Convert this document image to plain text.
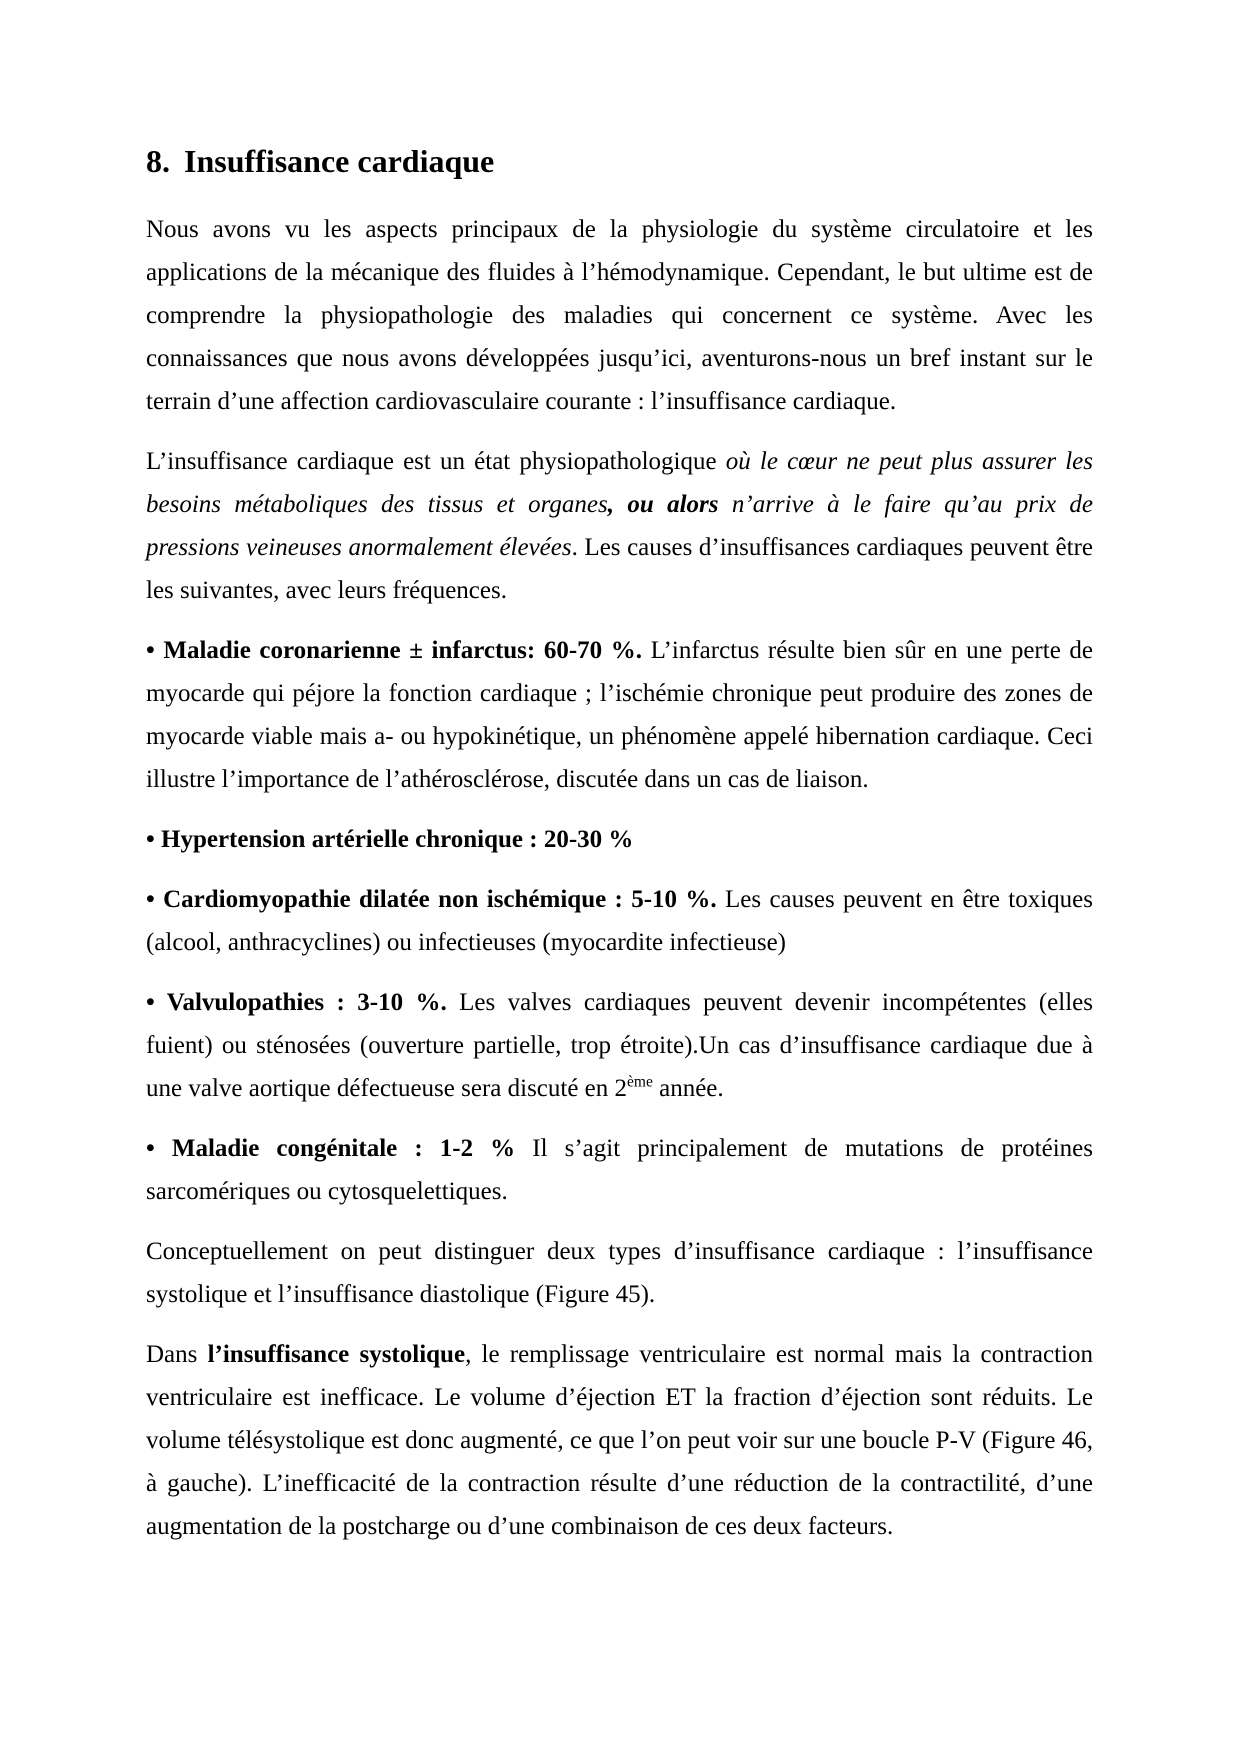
8. Insuffisance cardiaque

Nous avons vu les aspects principaux de la physiologie du système circulatoire et les applications de la mécanique des fluides à l’hémodynamique. Cependant, le but ultime est de comprendre la physiopathologie des maladies qui concernent ce système. Avec les connaissances que nous avons développées jusqu’ici, aventurons-nous un bref instant sur le terrain d’une affection cardiovasculaire courante : l’insuffisance cardiaque.

L’insuffisance cardiaque est un état physiopathologique où le cœur ne peut plus assurer les besoins métaboliques des tissus et organes, ou alors n’arrive à le faire qu’au prix de pressions veineuses anormalement élevées. Les causes d’insuffisances cardiaques peuvent être les suivantes, avec leurs fréquences.

• Maladie coronarienne ± infarctus: 60-70 %. L’infarctus résulte bien sûr en une perte de myocarde qui péjore la fonction cardiaque ; l’ischémie chronique peut produire des zones de myocarde viable mais a- ou hypokinétique, un phénomène appelé hibernation cardiaque. Ceci illustre l’importance de l’athérosclérose, discutée dans un cas de liaison.

• Hypertension artérielle chronique : 20-30 %

• Cardiomyopathie dilatée non ischémique : 5-10 %. Les causes peuvent en être toxiques (alcool, anthracyclines) ou infectieuses (myocardite infectieuse)

• Valvulopathies : 3-10 %. Les valves cardiaques peuvent devenir incompétentes (elles fuient) ou sténosées (ouverture partielle, trop étroite).Un cas d’insuffisance cardiaque due à une valve aortique défectueuse sera discuté en 2ème année.

• Maladie congénitale : 1-2 % Il s’agit principalement de mutations de protéines sarcomériques ou cytosquelettiques.

Conceptuellement on peut distinguer deux types d’insuffisance cardiaque : l’insuffisance systolique et l’insuffisance diastolique (Figure 45).

Dans l’insuffisance systolique, le remplissage ventriculaire est normal mais la contraction ventriculaire est inefficace. Le volume d’éjection ET la fraction d’éjection sont réduits. Le volume télésystolique est donc augmenté, ce que l’on peut voir sur une boucle P-V (Figure 46, à gauche). L’inefficacité de la contraction résulte d’une réduction de la contractilité, d’une augmentation de la postcharge ou d’une combinaison de ces deux facteurs.
